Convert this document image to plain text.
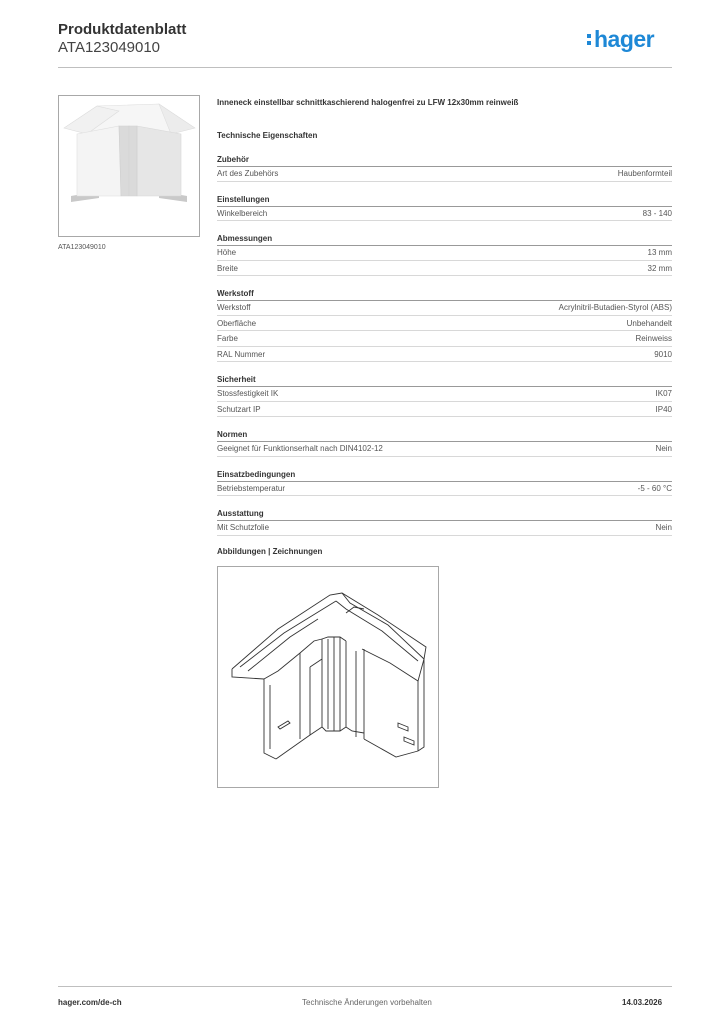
Produktdatenblatt
ATA123049010	hager
ATA123049010
Inneneck einstellbar schnittkaschierend halogenfrei zu LFW 12x30mm reinweiß
Technische Eigenschaften
Zubehör
Art des Zubehörs	Haubenformteil
Einstellungen
Winkelbereich	83 - 140
Abmessungen
Höhe	13 mm
Breite	32 mm
Werkstoff
Werkstoff	Acrylnitril-Butadien-Styrol (ABS)
Oberfläche	Unbehandelt
Farbe	Reinweiss
RAL Nummer	9010
Sicherheit
Stossfestigkeit IK	IK07
Schutzart IP	IP40
Normen
Geeignet für Funktionserhalt nach DIN4102-12	Nein
Einsatzbedingungen
Betriebstemperatur	-5 - 60 °C
Ausstattung
Mit Schutzfolie	Nein
Abbildungen | Zeichnungen
hager.com/de-ch	Technische Änderungen vorbehalten	14.03.2026
